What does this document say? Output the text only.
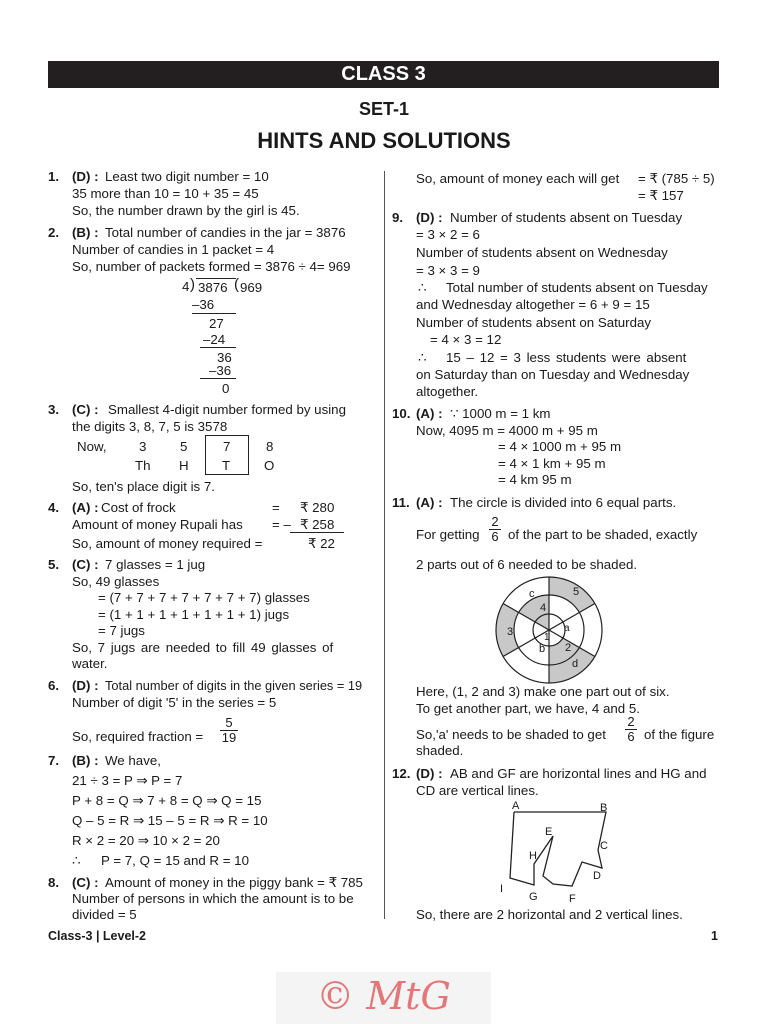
CLASS 3
SET-1
HINTS AND SOLUTIONS
1. (D) : Least two digit number = 10
35 more than 10 = 10 + 35 = 45
So, the number drawn by the girl is 45.
2. (B) : Total number of candies in the jar = 3876
Number of candies in 1 packet = 4
So, number of packets formed = 3876 ÷ 4= 969
4 ) 3876 ( 969
–36
27
–24
36
–36
0
3. (C) : Smallest 4-digit number formed by using
the digits 3, 8, 7, 5 is 3578
Now, 3	5	7	8
Th H	T	O
So, ten's place digit is 7.
4. (A) : Cost of frock	= ₹ 280
Amount of money Rupali has = – ₹ 258
So, amount of money required =	₹ 22
5. (C) : 7 glasses = 1 jug
So, 49 glasses
= (7 + 7 + 7 + 7 + 7 + 7 + 7) glasses
= (1 + 1 + 1 + 1 + 1 + 1 + 1) jugs
= 7 jugs
So, 7 jugs are needed to fill 49 glasses of
water.
6. (D) : Total number of digits in the given series = 19
Number of digit '5' in the series = 5
So, required fraction = $\frac{5}{19}$
7. (B) : We have,
21 ÷ 3 = P ⇒ P = 7
P + 8 = Q ⇒ 7 + 8 = Q ⇒ Q = 15
Q – 5 = R ⇒ 15 – 5 = R ⇒ R = 10
R × 2 = 20 ⇒ 10 × 2 = 20
∴ P = 7, Q = 15 and R = 10
8. (C) : Amount of money in the piggy bank = ₹ 785
Number of persons in which the amount is to be
divided = 5
So, amount of money each will get = ₹ (785 ÷ 5)
= ₹ 157
9. (D) : Number of students absent on Tuesday
= 3 × 2 = 6
Number of students absent on Wednesday
= 3 × 3 = 9
∴ Total number of students absent on Tuesday
and Wednesday altogether = 6 + 9 = 15
Number of students absent on Saturday
= 4 × 3 = 12
∴ 15 – 12 = 3 less students were absent
on Saturday than on Tuesday and Wednesday
altogether.
10. (A) : ∵ 1000 m = 1 km
Now, 4095 m = 4000 m + 95 m
= 4 × 1000 m + 95 m
= 4 × 1 km + 95 m
= 4 km 95 m
11. (A) : The circle is divided into 6 equal parts.
For getting $\frac{2}{6}$ of the part to be shaded, exactly
2 parts out of 6 needed to be shaded.
c	5
4
3	1
a
b 2
d
Here, (1, 2 and 3) make one part out of six.
To get another part, we have, 4 and 5.
So,'a' needs to be shaded to get $\frac{2}{6}$ of the figure
shaded.
12. (D) : AB and GF are horizontal lines and HG and
CD are vertical lines.
A	B
C
D
E
F
G
H
I
So, there are 2 horizontal and 2 vertical lines.
Class-3 | Level-2	1
© MtG
